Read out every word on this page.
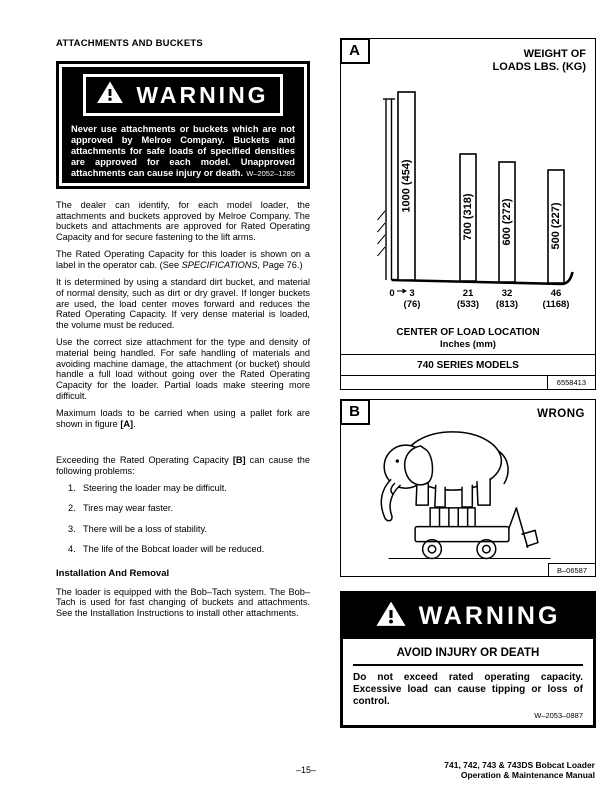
ATTACHMENTS AND BUCKETS
WARNING
Never use attachments or buckets which are not approved by Melroe Company. Buckets and attachments for safe loads of specified densities are approved for each model. Unapproved attachments can cause injury or death. W–2052–1285

The dealer can identify, for each model loader, the attachments and buckets approved by Melroe Company. The buckets and attachments are approved for Rated Operating Capacity and for secure fastening to the lift arms.

The Rated Operating Capacity for this loader is shown on a label in the operator cab. (See SPECIFICATIONS, Page 76.)

It is determined by using a standard dirt bucket, and material of normal density, such as dirt or dry gravel. If longer buckets are used, the load center moves forward and reduces the Rated Operating Capacity. If very dense material is loaded, the volume must be reduced.

Use the correct size attachment for the type and density of material being handled. For safe handling of materials and avoiding machine damage, the attachment (or bucket) should handle a full load without going over the Rated Operating Capacity for the loader. Partial loads make steering more difficult.

Maximum loads to be carried when using a pallet fork are shown in figure [A].

Exceeding the Rated Operating Capacity [B] can cause the following problems:

1. Steering the loader may be difficult.
2. Tires may wear faster.
3. There will be a loss of stability.
4. The life of the Bobcat loader will be reduced.
Installation And Removal

The loader is equipped with the Bob–Tach system. The Bob–Tach is used for fast changing of buckets and attachments. See the Installation Instructions to install other attachments.

A	WEIGHT OF
LOADS LBS. (KG)
1000 (454)
700 (318) 600 (272)	500 (227)
0 3
(76)
21
(533)
32
(813)
46
(1168)
CENTER OF LOAD LOCATION
Inches (mm)
740 SERIES MODELS
6558413
B	WRONG
B–06587
WARNING
AVOID INJURY OR DEATH
Do not exceed rated operating capacity. Excessive load can cause tipping or loss of control.
W–2053–0887
–15–	741, 742, 743 & 743DS Bobcat Loader
Operation & Maintenance Manual
